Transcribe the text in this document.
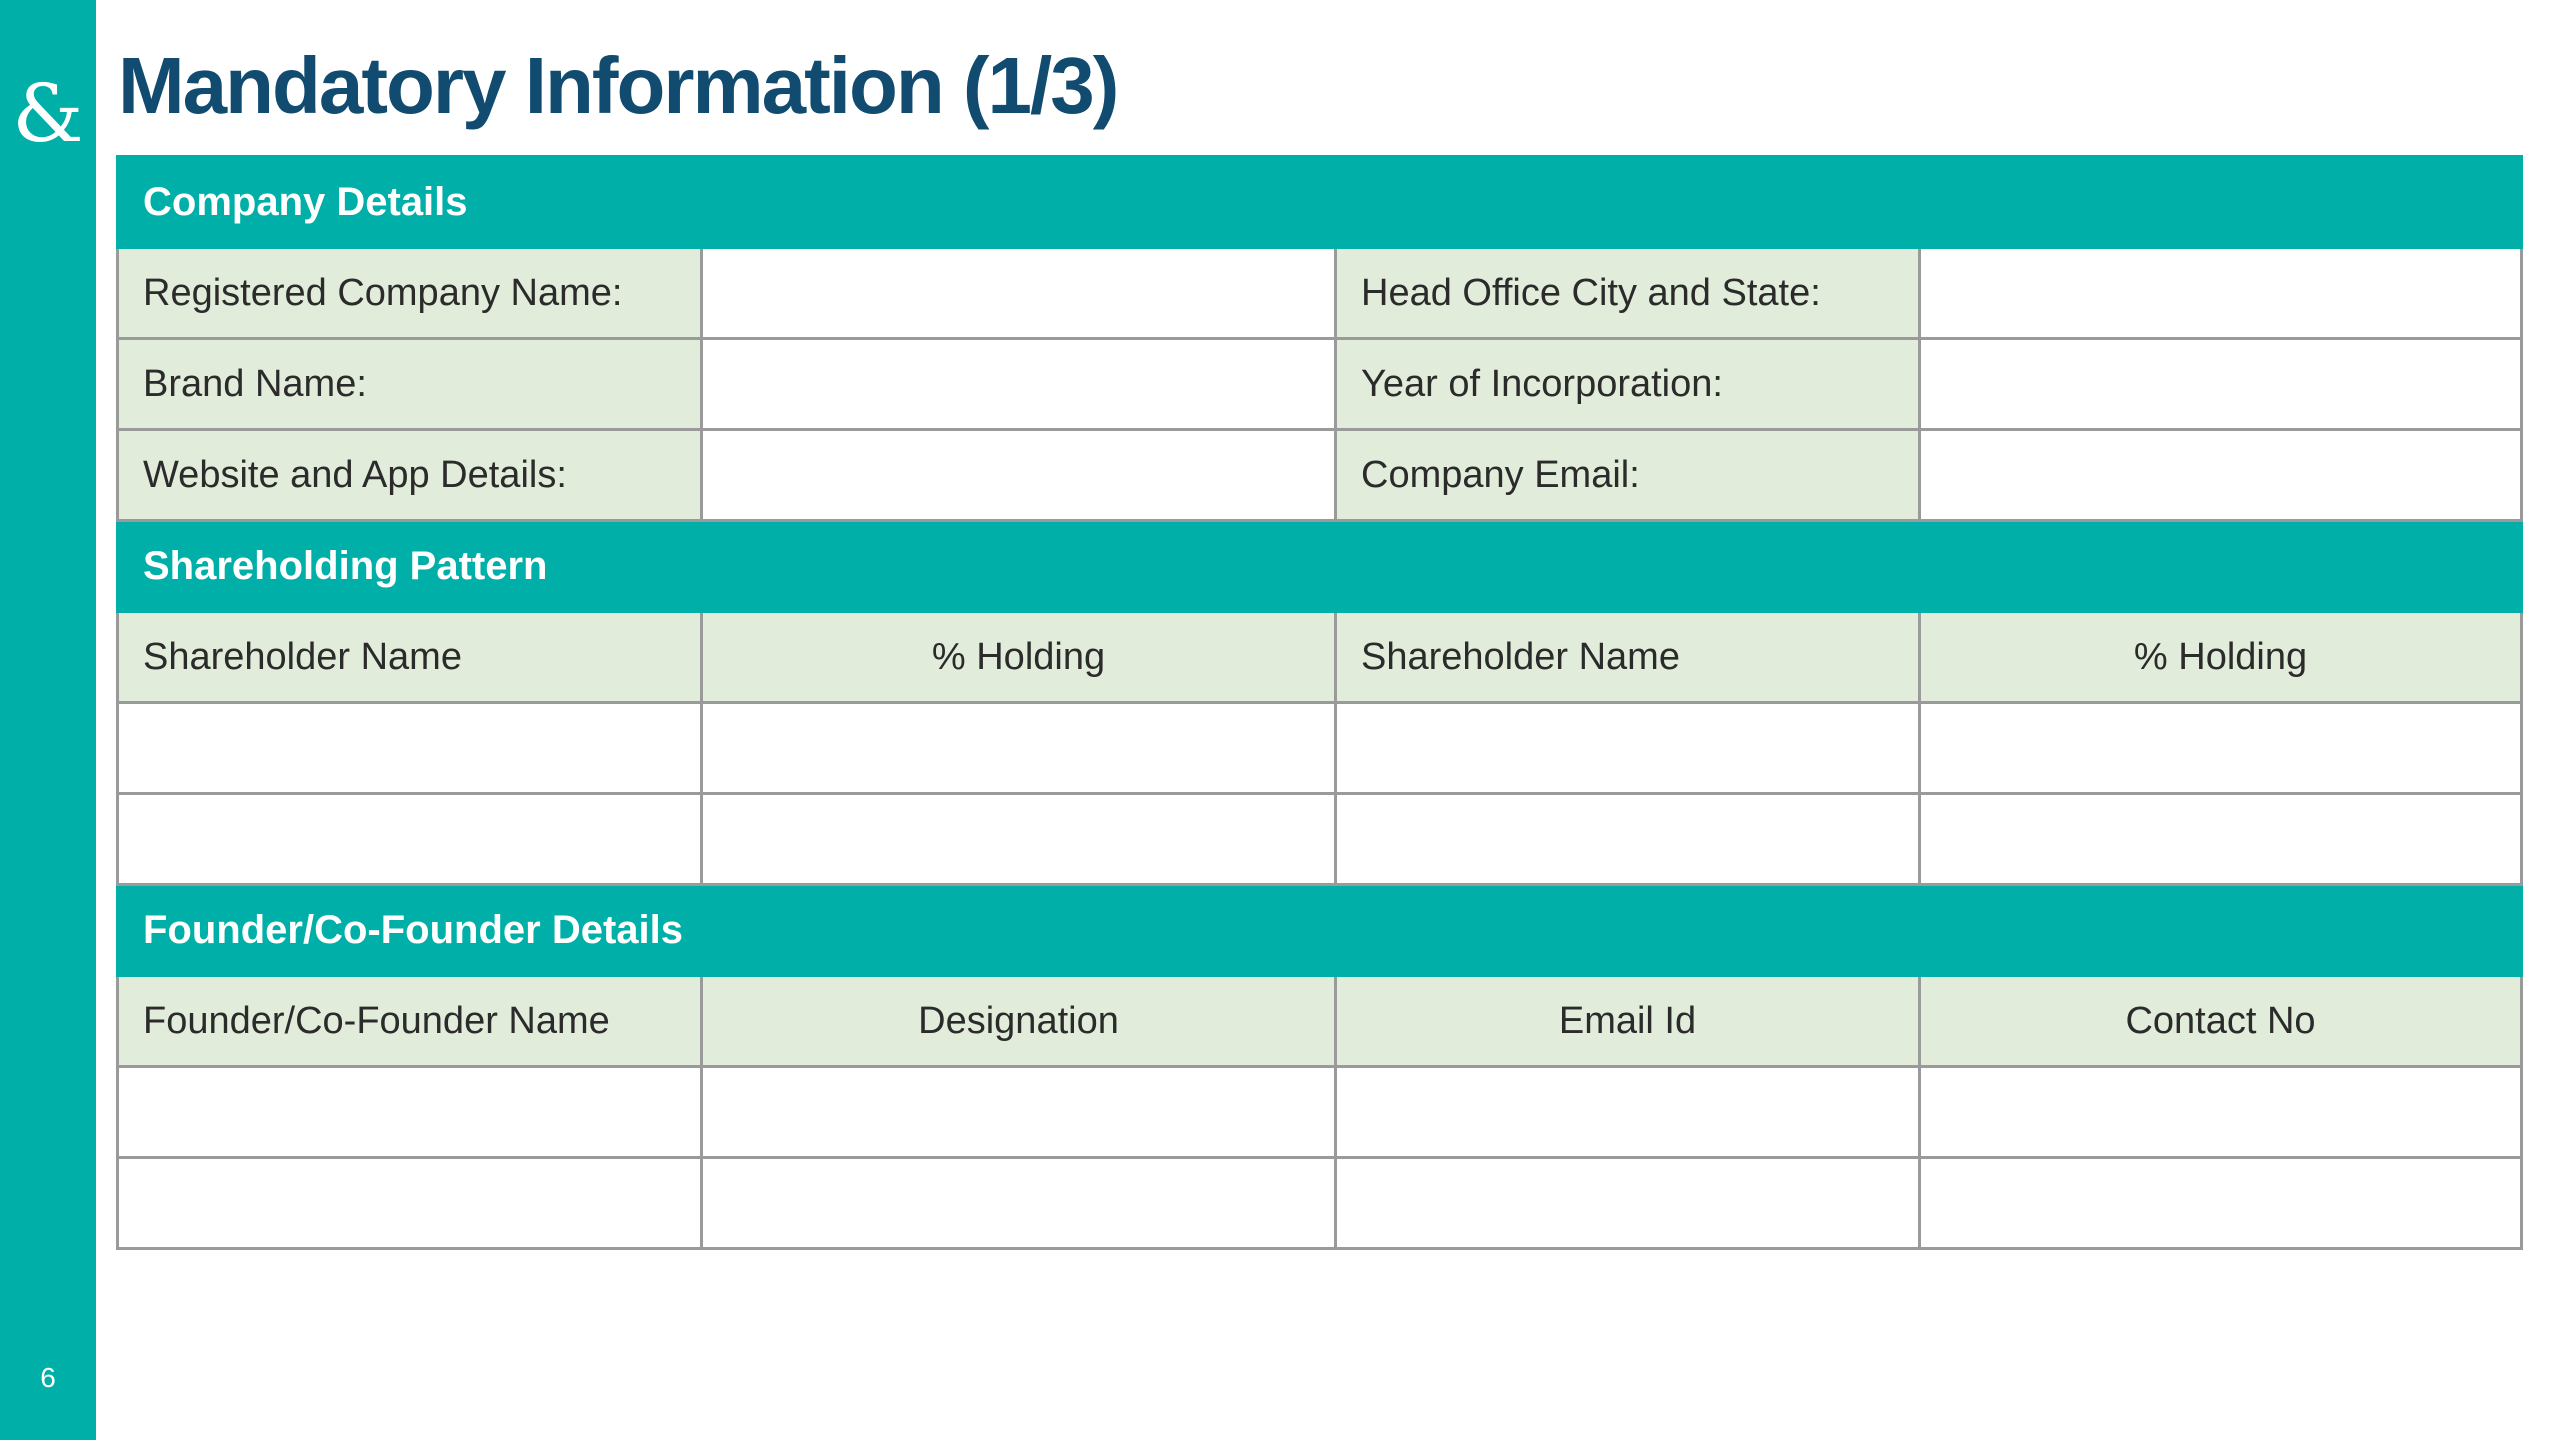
&
6
Mandatory Information (1/3)
Company Details			
Registered Company Name:		Head Office City and State:	
Brand Name:		Year of Incorporation:	
Website and App Details:		Company Email:	
Shareholding Pattern			
Shareholder Name	% Holding	Shareholder Name	% Holding

Founder/Co-Founder Details			
Founder/Co-Founder Name	Designation	Email Id	Contact No
